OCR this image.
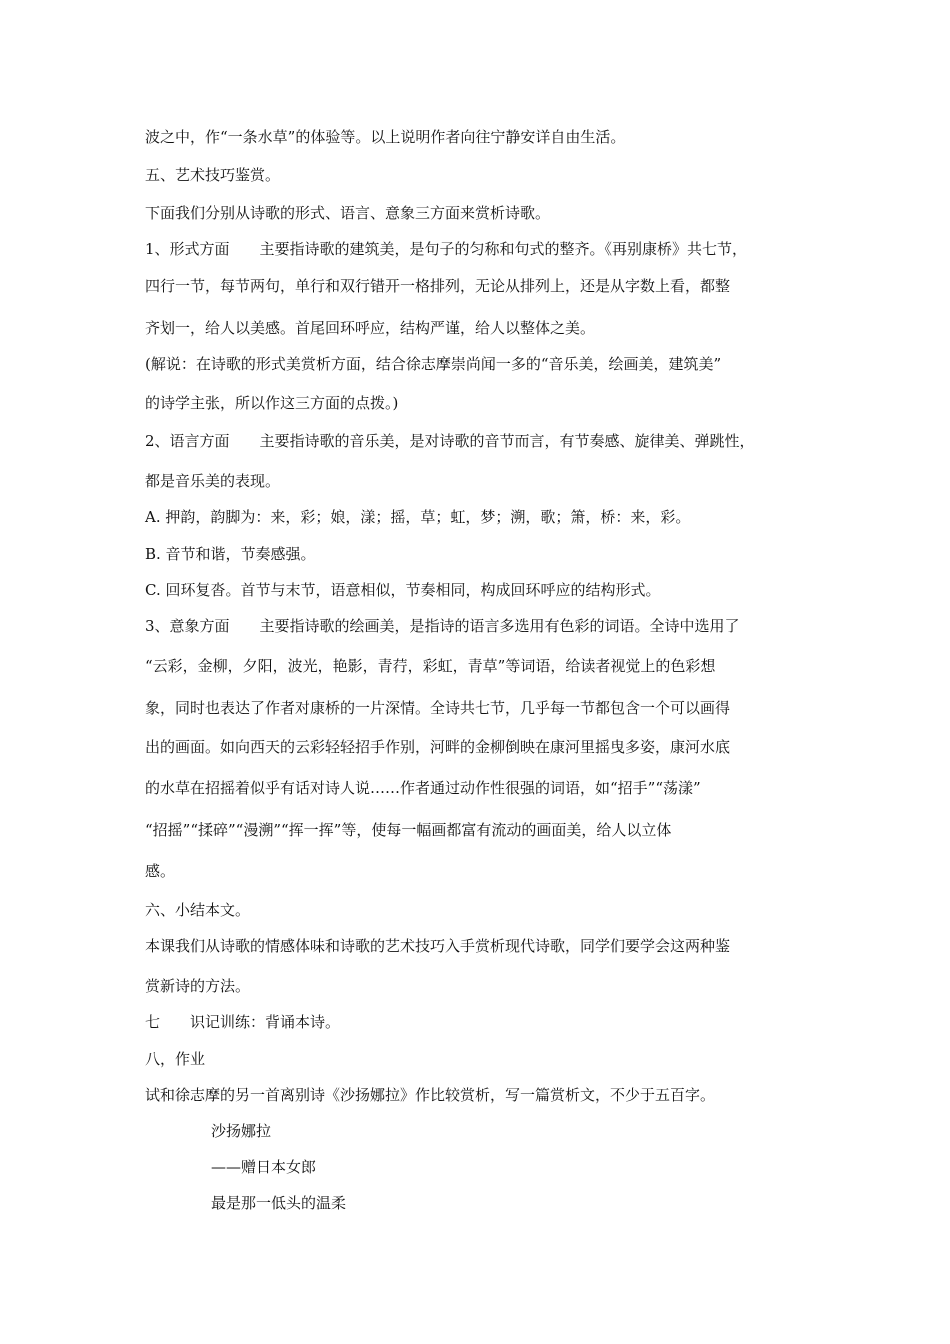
波之中，作“一条水草”的体验等。以上说明作者向往宁静安详自由生活。
五、艺术技巧鉴赏。
下面我们分别从诗歌的形式、语言、意象三方面来赏析诗歌。
1、形式方面　　主要指诗歌的建筑美，是句子的匀称和句式的整齐。《再别康桥》共七节，
四行一节，每节两句，单行和双行错开一格排列，无论从排列上，还是从字数上看，都整
齐划一，给人以美感。首尾回环呼应，结构严谨，给人以整体之美。
(解说：在诗歌的形式美赏析方面，结合徐志摩崇尚闻一多的“音乐美，绘画美，建筑美”
的诗学主张，所以作这三方面的点拨。)
2、语言方面　　主要指诗歌的音乐美，是对诗歌的音节而言，有节奏感、旋律美、弹跳性，
都是音乐美的表现。
A. 押韵，韵脚为：来，彩；娘，漾；摇，草；虹，梦；溯，歌；箫，桥：来，彩。
B. 音节和谐，节奏感强。
C. 回环复沓。首节与末节，语意相似，节奏相同，构成回环呼应的结构形式。
3、意象方面　　主要指诗歌的绘画美，是指诗的语言多选用有色彩的词语。全诗中选用了
“云彩，金柳，夕阳，波光，艳影，青荇，彩虹，青草”等词语，给读者视觉上的色彩想
象，同时也表达了作者对康桥的一片深情。全诗共七节，几乎每一节都包含一个可以画得
出的画面。如向西天的云彩轻轻招手作别，河畔的金柳倒映在康河里摇曳多姿，康河水底
的水草在招摇着似乎有话对诗人说……作者通过动作性很强的词语，如“招手”“荡漾”
“招摇”“揉碎”“漫溯”“挥一挥”等，使每一幅画都富有流动的画面美，给人以立体
感。
六、小结本文。
本课我们从诗歌的情感体味和诗歌的艺术技巧入手赏析现代诗歌，同学们要学会这两种鉴
赏新诗的方法。
七　　识记训练：背诵本诗。
八，作业
试和徐志摩的另一首离别诗《沙扬娜拉》作比较赏析，写一篇赏析文，不少于五百字。
沙扬娜拉
——赠日本女郎
最是那一低头的温柔
